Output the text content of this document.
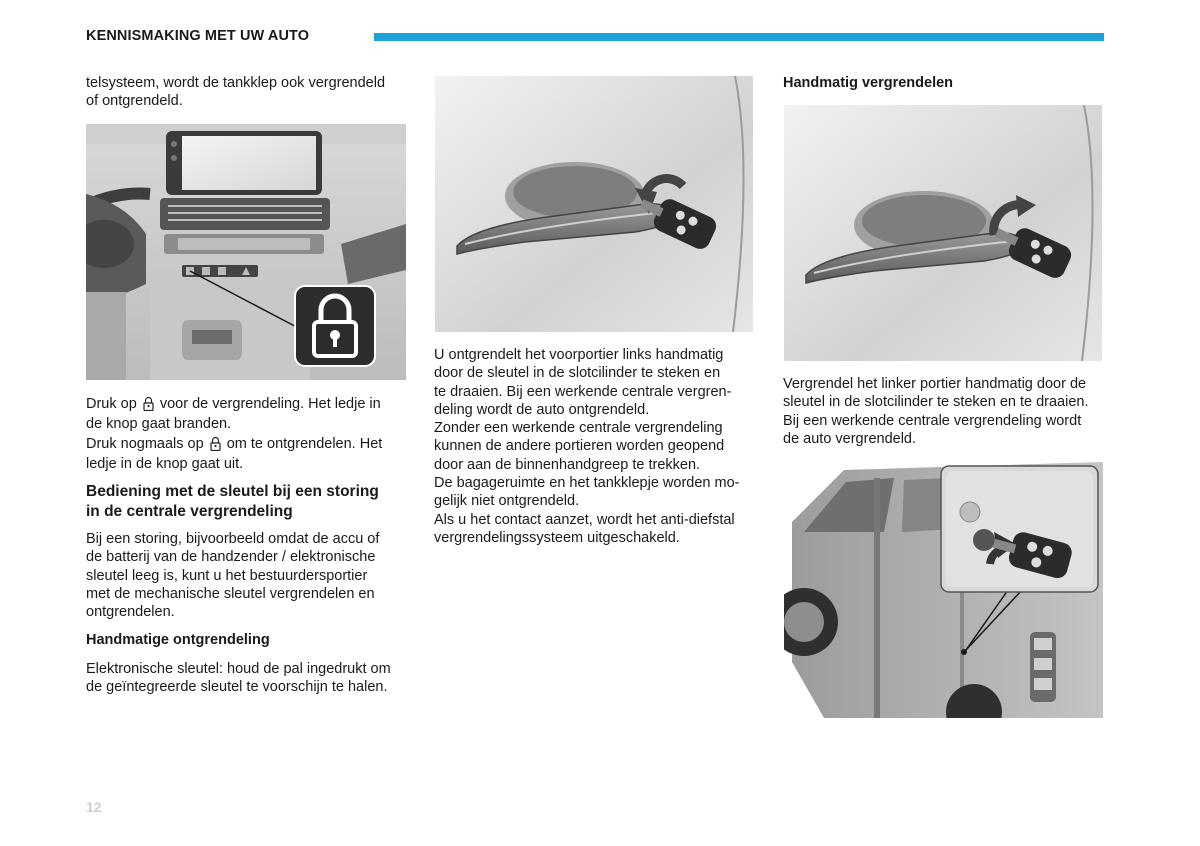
KENNISMAKING MET UW AUTO

telsysteem, wordt de tankklep ook vergrendeld

of ontgrendeld.

Druk op  voor de vergrendeling. Het ledje in

de knop gaat branden.

Druk nogmaals op  om te ontgrendelen. Het

ledje in de knop gaat uit.

Bediening met de sleutel bij een storing

in de centrale vergrendeling

Bij een storing, bijvoorbeeld omdat de accu of

de batterij van de handzender / elektronische

sleutel leeg is, kunt u het bestuurdersportier

met de mechanische sleutel vergrendelen en

ontgrendelen.

Handmatige ontgrendeling

Elektronische sleutel: houd de pal ingedrukt om

de geïntegreerde sleutel te voorschijn te halen.

U ontgrendelt het voorportier links handmatig

door de sleutel in de slotcilinder te steken en

te draaien. Bij een werkende centrale vergren-

deling wordt de auto ontgrendeld.

Zonder een werkende centrale vergrendeling

kunnen de andere portieren worden geopend

door aan de binnenhandgreep te trekken.

De bagageruimte en het tankklepje worden mo-

gelijk niet ontgrendeld.

Als u het contact aanzet, wordt het anti-diefstal

vergrendelingssysteem uitgeschakeld.

Handmatig vergrendelen

Vergrendel het linker portier handmatig door de

sleutel in de slotcilinder te steken en te draaien.

Bij een werkende centrale vergrendeling wordt

de auto vergrendeld.

12
